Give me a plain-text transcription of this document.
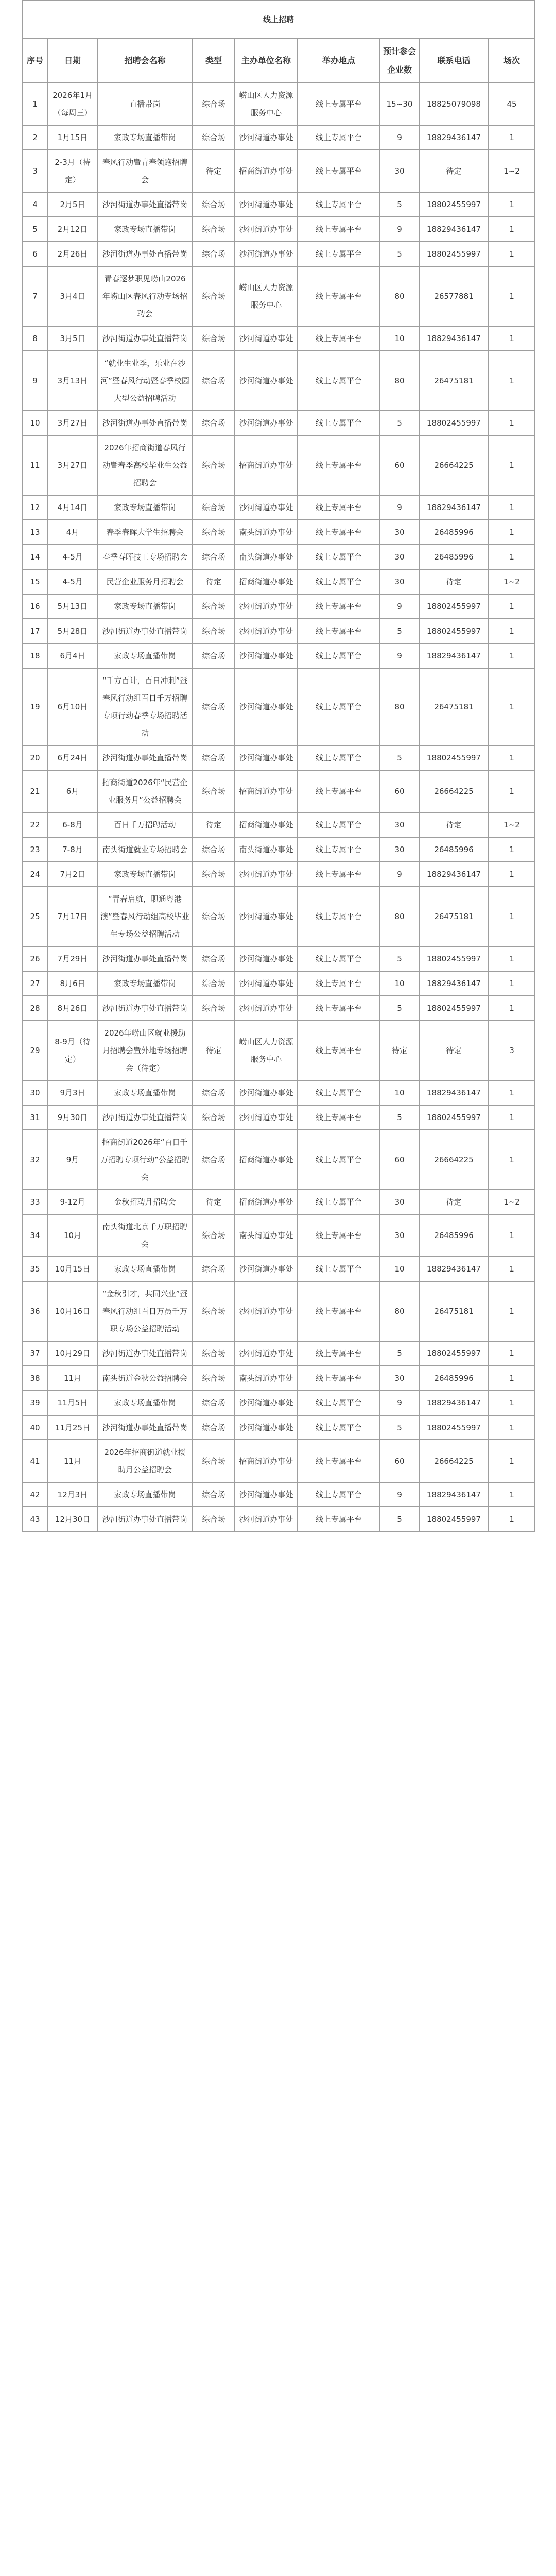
线上招聘								
序号	日期	招聘会名称	类型	主办单位名称	举办地点	预计参会企业数	联系电话	场次
1	2026年1月（每周三）	直播带岗	综合场	崂山区人力资源服务中心	线上专属平台	15~30	18825079098	45
2	1月15日	家政专场直播带岗	综合场	沙河街道办事处	线上专属平台	9	18829436147	1
3	2-3月（待定）	春风行动暨青春领跑招聘会	待定	招商街道办事处	线上专属平台	30	待定	1~2
4	2月5日	沙河街道办事处直播带岗	综合场	沙河街道办事处	线上专属平台	5	18802455997	1
5	2月12日	家政专场直播带岗	综合场	沙河街道办事处	线上专属平台	9	18829436147	1
6	2月26日	沙河街道办事处直播带岗	综合场	沙河街道办事处	线上专属平台	5	18802455997	1
7	3月4日	青春逐梦职见崂山2026年崂山区春风行动专场招聘会	综合场	崂山区人力资源服务中心	线上专属平台	80	26577881	1
8	3月5日	沙河街道办事处直播带岗	综合场	沙河街道办事处	线上专属平台	10	18829436147	1
9	3月13日	“就业生业季，乐业在沙河”暨春风行动暨春季校园大型公益招聘活动	综合场	沙河街道办事处	线上专属平台	80	26475181	1
10	3月27日	沙河街道办事处直播带岗	综合场	沙河街道办事处	线上专属平台	5	18802455997	1
11	3月27日	2026年招商街道春风行动暨春季高校毕业生公益招聘会	综合场	招商街道办事处	线上专属平台	60	26664225	1
12	4月14日	家政专场直播带岗	综合场	沙河街道办事处	线上专属平台	9	18829436147	1
13	4月	春季春晖大学生招聘会	综合场	南头街道办事处	线上专属平台	30	26485996	1
14	4-5月	春季春晖技工专场招聘会	综合场	南头街道办事处	线上专属平台	30	26485996	1
15	4-5月	民营企业服务月招聘会	待定	招商街道办事处	线上专属平台	30	待定	1~2
16	5月13日	家政专场直播带岗	综合场	沙河街道办事处	线上专属平台	9	18802455997	1
17	5月28日	沙河街道办事处直播带岗	综合场	沙河街道办事处	线上专属平台	5	18802455997	1
18	6月4日	家政专场直播带岗	综合场	沙河街道办事处	线上专属平台	9	18829436147	1
19	6月10日	“千方百计，百日冲刺”暨春风行动组百日千万招聘专项行动春季专场招聘活动	综合场	沙河街道办事处	线上专属平台	80	26475181	1
20	6月24日	沙河街道办事处直播带岗	综合场	沙河街道办事处	线上专属平台	5	18802455997	1
21	6月	招商街道2026年“民营企业服务月”公益招聘会	综合场	招商街道办事处	线上专属平台	60	26664225	1
22	6-8月	百日千万招聘活动	待定	招商街道办事处	线上专属平台	30	待定	1~2
23	7-8月	南头街道就业专场招聘会	综合场	南头街道办事处	线上专属平台	30	26485996	1
24	7月2日	家政专场直播带岗	综合场	沙河街道办事处	线上专属平台	9	18829436147	1
25	7月17日	“青春启航，职通粤港澳”暨春风行动组高校毕业生专场公益招聘活动	综合场	沙河街道办事处	线上专属平台	80	26475181	1
26	7月29日	沙河街道办事处直播带岗	综合场	沙河街道办事处	线上专属平台	5	18802455997	1
27	8月6日	家政专场直播带岗	综合场	沙河街道办事处	线上专属平台	10	18829436147	1
28	8月26日	沙河街道办事处直播带岗	综合场	沙河街道办事处	线上专属平台	5	18802455997	1
29	8-9月（待定）	2026年崂山区就业援助月招聘会暨外地专场招聘会（待定）	待定	崂山区人力资源服务中心	线上专属平台	待定	待定	3
30	9月3日	家政专场直播带岗	综合场	沙河街道办事处	线上专属平台	10	18829436147	1
31	9月30日	沙河街道办事处直播带岗	综合场	沙河街道办事处	线上专属平台	5	18802455997	1
32	9月	招商街道2026年“百日千万招聘专项行动”公益招聘会	综合场	招商街道办事处	线上专属平台	60	26664225	1
33	9-12月	金秋招聘月招聘会	待定	招商街道办事处	线上专属平台	30	待定	1~2
34	10月	南头街道北京千万职招聘会	综合场	南头街道办事处	线上专属平台	30	26485996	1
35	10月15日	家政专场直播带岗	综合场	沙河街道办事处	线上专属平台	10	18829436147	1
36	10月16日	“金秋引才，共同兴业”暨春风行动组百日万员千万职专场公益招聘活动	综合场	沙河街道办事处	线上专属平台	80	26475181	1
37	10月29日	沙河街道办事处直播带岗	综合场	沙河街道办事处	线上专属平台	5	18802455997	1
38	11月	南头街道金秋公益招聘会	综合场	南头街道办事处	线上专属平台	30	26485996	1
39	11月5日	家政专场直播带岗	综合场	沙河街道办事处	线上专属平台	9	18829436147	1
40	11月25日	沙河街道办事处直播带岗	综合场	沙河街道办事处	线上专属平台	5	18802455997	1
41	11月	2026年招商街道就业援助月公益招聘会	综合场	招商街道办事处	线上专属平台	60	26664225	1
42	12月3日	家政专场直播带岗	综合场	沙河街道办事处	线上专属平台	9	18829436147	1
43	12月30日	沙河街道办事处直播带岗	综合场	沙河街道办事处	线上专属平台	5	18802455997	1
